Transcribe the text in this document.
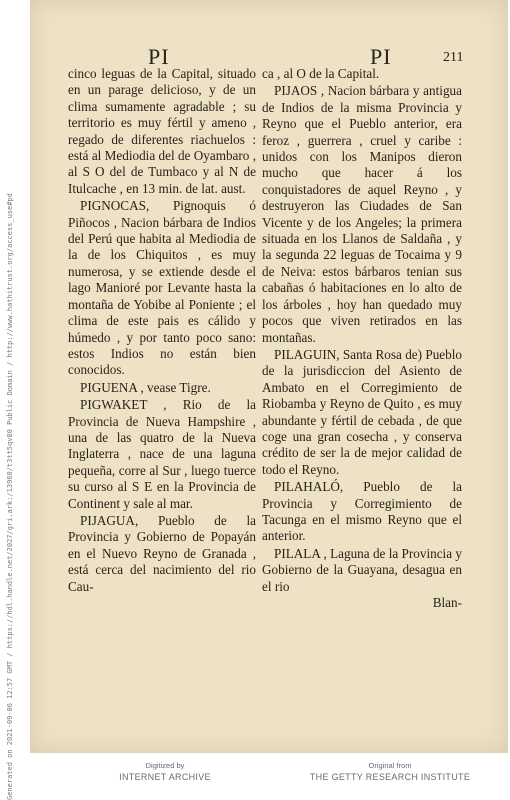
PI	PI	211

cinco leguas de la Capital, situado en un parage delicioso, y de un clima sumamente agradable ; su territorio es muy fértil y ameno , regado de diferentes riachuelos : está al Mediodia del de Oyambaro , al S O del de Tumbaco y al N de Itulcache , en 13 min. de lat. aust.

PIGNOCAS, Pignoquis ó Piñocos , Nacion bárbara de Indios del Perú que habita al Mediodia de la de los Chiquitos , es muy numerosa, y se extiende desde el lago Manioré por Levante hasta la montaña de Yobibe al Poniente ; el clima de este pais es cálido y húmedo , y por tanto poco sano: estos Indios no están bien conocidos.

PIGUENA , vease Tigre.

PIGWAKET , Rio de la Provincia de Nueva Hampshire , una de las quatro de la Nueva Inglaterra , nace de una laguna pequeña, corre al Sur , luego tuerce su curso al S E en la Provincia de Continent y sale al mar.

PIJAGUA, Pueblo de la Provincia y Gobierno de Popayán en el Nuevo Reyno de Granada , está cerca del nacimiento del rio Cau-

ca , al O de la Capital.

PIJAOS , Nacion bárbara y antigua de Indios de la misma Provincia y Reyno que el Pueblo anterior, era feroz , guerrera , cruel y caribe : unidos con los Manipos dieron mucho que hacer á los conquistadores de aquel Reyno , y destruyeron las Ciudades de San Vicente y de los Angeles; la primera situada en los Llanos de Saldaña , y la segunda 22 leguas de Tocaima y 9 de Neiva: estos bárbaros tenian sus cabañas ó habitaciones en lo alto de los árboles , hoy han quedado muy pocos que viven retirados en las montañas.

PILAGUIN, Santa Rosa de) Pueblo de la jurisdiccion del Asiento de Ambato en el Corregimiento de Riobamba y Reyno de Quito , es muy abundante y fértil de cebada , de que coge una gran cosecha , y conserva crédito de ser la de mejor calidad de todo el Reyno.

PILAHALÓ, Pueblo de la Provincia y Corregimiento de Tacunga en el mismo Reyno que el anterior.

PILALA , Laguna de la Provincia y Gobierno de la Guayana, desagua en el rio

Blan-

Generated on 2021-09-06 12:57 GMT / https://hdl.handle.net/2027/gri.ark:/13960/t3tt5qv80 Public Domain / http://www.hathitrust.org/access_use#pd	Digitized by
INTERNET ARCHIVE
Original from
THE GETTY RESEARCH INSTITUTE
